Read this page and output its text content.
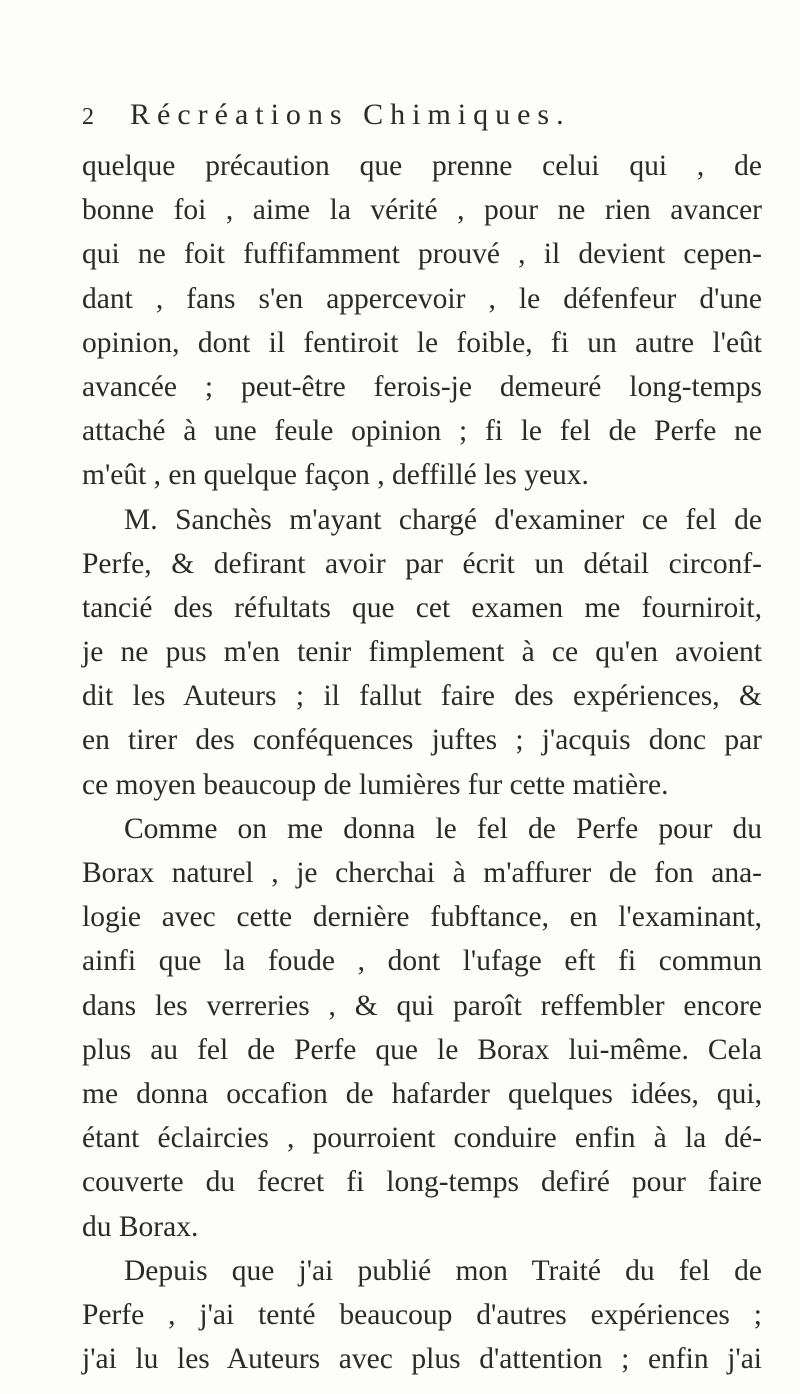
2 Récréations Chimiques.
quelque précaution que prenne celui qui , de
bonne foi , aime la vérité , pour ne rien avancer
qui ne foit fuffifamment prouvé , il devient cepen-
dant , fans s'en appercevoir , le défenfeur d'une
opinion, dont il fentiroit le foible, fi un autre l'eût
avancée ; peut-être ferois-je demeuré long-temps
attaché à une feule opinion ; fi le fel de Perfe ne
m'eût , en quelque façon , deffillé les yeux.
M. Sanchès m'ayant chargé d'examiner ce fel de
Perfe, & defirant avoir par écrit un détail circonf-
tancié des réfultats que cet examen me fourniroit,
je ne pus m'en tenir fimplement à ce qu'en avoient
dit les Auteurs ; il fallut faire des expériences, &
en tirer des conféquences juftes ; j'acquis donc par
ce moyen beaucoup de lumières fur cette matière.
Comme on me donna le fel de Perfe pour du
Borax naturel , je cherchai à m'affurer de fon ana-
logie avec cette dernière fubftance, en l'examinant,
ainfi que la foude , dont l'ufage eft fi commun
dans les verreries , & qui paroît reffembler encore
plus au fel de Perfe que le Borax lui-même. Cela
me donna occafion de hafarder quelques idées, qui,
étant éclaircies , pourroient conduire enfin à la dé-
couverte du fecret fi long-temps defiré pour faire
du Borax.
Depuis que j'ai publié mon Traité du fel de
Perfe , j'ai tenté beaucoup d'autres expériences ;
j'ai lu les Auteurs avec plus d'attention ; enfin j'ai
